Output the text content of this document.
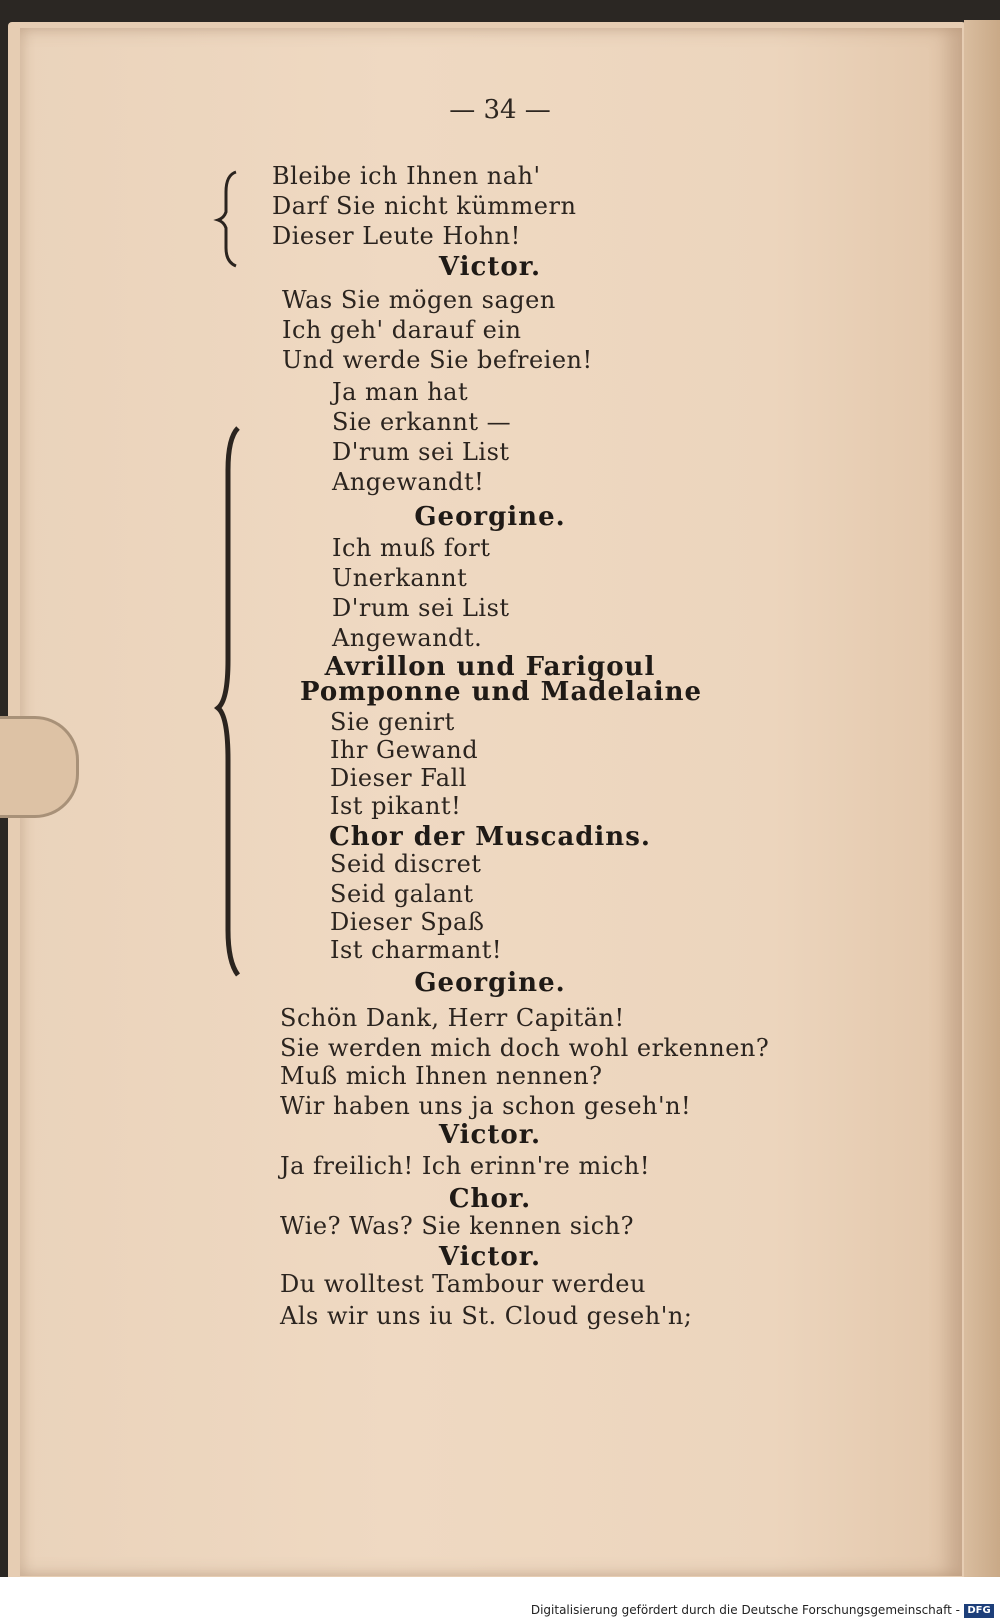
— 34 —
Bleibe ich Ihnen nah'
Darf Sie nicht kümmern
Dieser Leute Hohn!
Victor.
Was Sie mögen sagen
Ich geh' darauf ein
Und werde Sie befreien!
Ja man hat
Sie erkannt —
D'rum sei List
Angewandt!
Georgine.
Ich muß fort
Unerkannt
D'rum sei List
Angewandt.
Avrillon und Farigoul
Pomponne und Madelaine
Sie genirt
Ihr Gewand
Dieser Fall
Ist pikant!
Chor der Muscadins.
Seid discret
Seid galant
Dieser Spaß
Ist charmant!
Georgine.
Schön Dank, Herr Capitän!
Sie werden mich doch wohl erkennen?
Muß mich Ihnen nennen?
Wir haben uns ja schon geseh'n!
Victor.
Ja freilich! Ich erinn're mich!
Chor.
Wie? Was? Sie kennen sich?
Victor.
Du wolltest Tambour werdeu
Als wir uns iu St. Cloud geseh'n;
Digitalisierung gefördert durch die Deutsche Forschungsgemeinschaft - DFG
